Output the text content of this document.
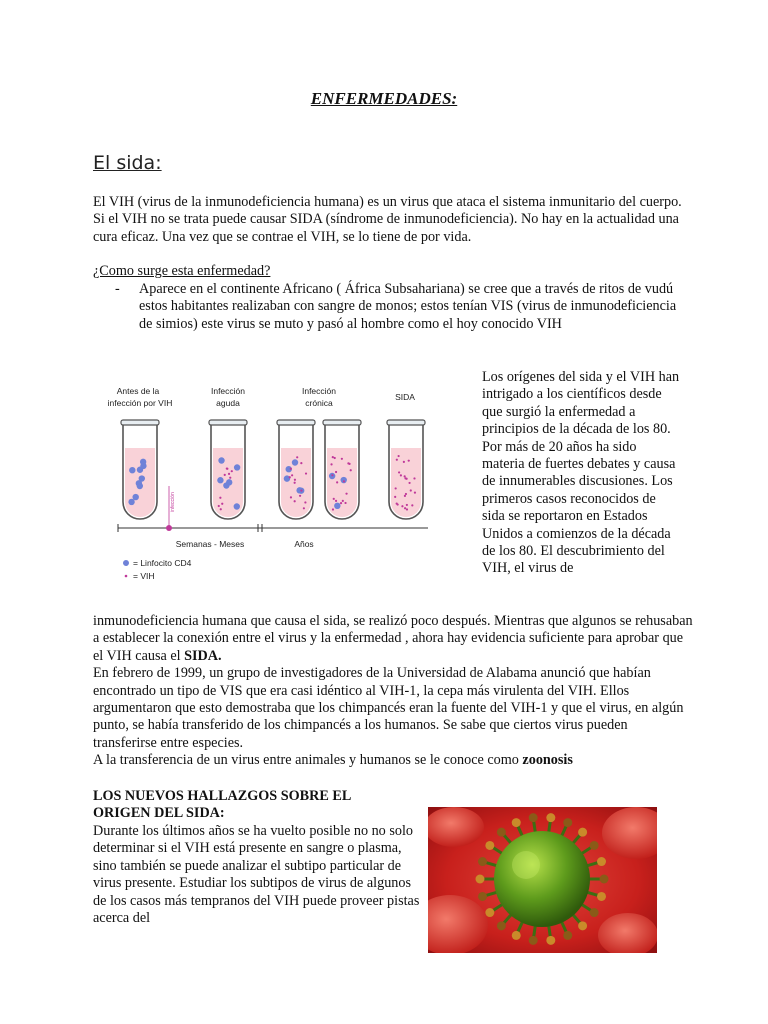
ENFERMEDADES:
El sida:

El VIH (virus de la inmunodeficiencia humana) es un virus que ataca el sistema inmunitario del cuerpo. Si el VIH no se trata puede causar SIDA (síndrome de inmunodeficiencia). No hay en la actualidad una cura eficaz. Una vez que se contrae el VIH, se lo tiene de por vida.

¿Como surge esta enfermedad?
- Aparece en el continente Africano ( África Subsahariana) se cree que a través de ritos de vudú estos habitantes realizaban con sangre de monos; estos tenían VIS (virus de inmunodeficiencia de simios) este virus se muto y pasó al hombre como el hoy conocido VIH

Antes de la
infección por VIH
Infección
aguda
Infección
crónica
SIDA
infección
Semanas - Meses	Años
= Linfocito CD4
= VIH

Los orígenes del sida y el VIH han intrigado a los científicos desde que surgió la enfermedad a principios de la década de los 80. Por más de 20 años ha sido materia de fuertes debates y causa de innumerables discusiones. Los primeros casos reconocidos de sida se reportaron en Estados Unidos a comienzos de la década de los 80. El descubrimiento del VIH, el virus de

inmunodeficiencia humana que causa el sida, se realizó poco después. Mientras que algunos se rehusaban a establecer la conexión entre el virus y la enfermedad , ahora hay evidencia suficiente para aprobar que el VIH causa el SIDA.
En febrero de 1999, un grupo de investigadores de la Universidad de Alabama anunció que habían encontrado un tipo de VIS que era casi idéntico al VIH-1, la cepa más virulenta del VIH. Ellos argumentaron que esto demostraba que los chimpancés eran la fuente del VIH-1 y que el virus, en algún punto, se había transferido de los chimpancés a los humanos. Se sabe que ciertos virus pueden transferirse entre especies.
A la transferencia de un virus entre animales y humanos se le conoce como zoonosis

LOS NUEVOS HALLAZGOS SOBRE EL ORIGEN DEL SIDA:

Durante los últimos años se ha vuelto posible no no solo determinar si el VIH está presente en sangre o plasma, sino también se puede analizar el subtipo particular de virus presente. Estudiar los subtipos de virus de algunos de los casos más tempranos del VIH puede proveer pistas acerca del
